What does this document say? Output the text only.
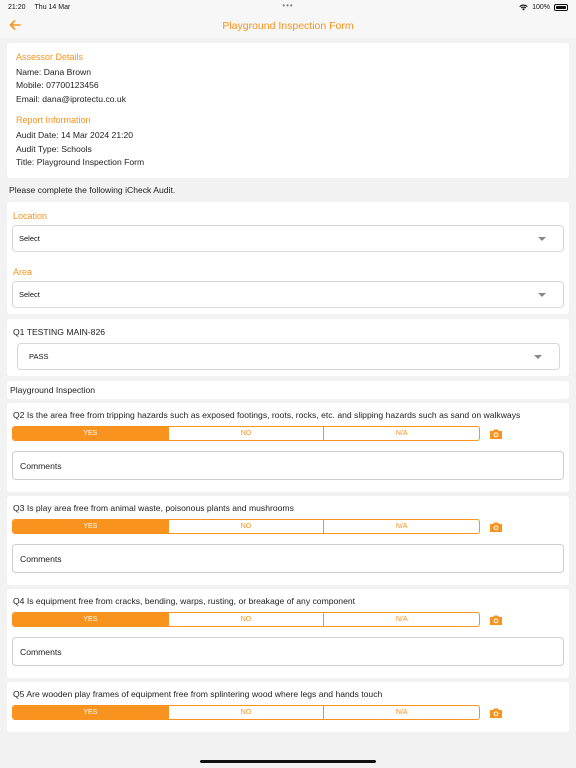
21:20 Thu 14 Mar	•••	100%
Playground Inspection Form
Assessor Details

Name: Dana Brown

Mobile: 07700123456

Email: dana@iprotectu.co.uk

Report Information

Audit Date: 14 Mar 2024 21:20

Audit Type: Schools

Title: Playground Inspection Form

Please complete the following iCheck Audit.
Location
Select
Area
Select
Q1 TESTING MAIN-826
PASS
Playground Inspection
Q2 Is the area free from tripping hazards such as exposed footings, roots, rocks, etc. and slipping hazards such as sand on walkways
YES	NO	N/A
Comments
Q3 Is play area free from animal waste, poisonous plants and mushrooms
YES	NO	N/A
Comments
Q4 Is equipment free from cracks, bending, warps, rusting, or breakage of any component
YES	NO	N/A
Comments
Q5 Are wooden play frames of equipment free from splintering wood where legs and hands touch
YES	NO	N/A
